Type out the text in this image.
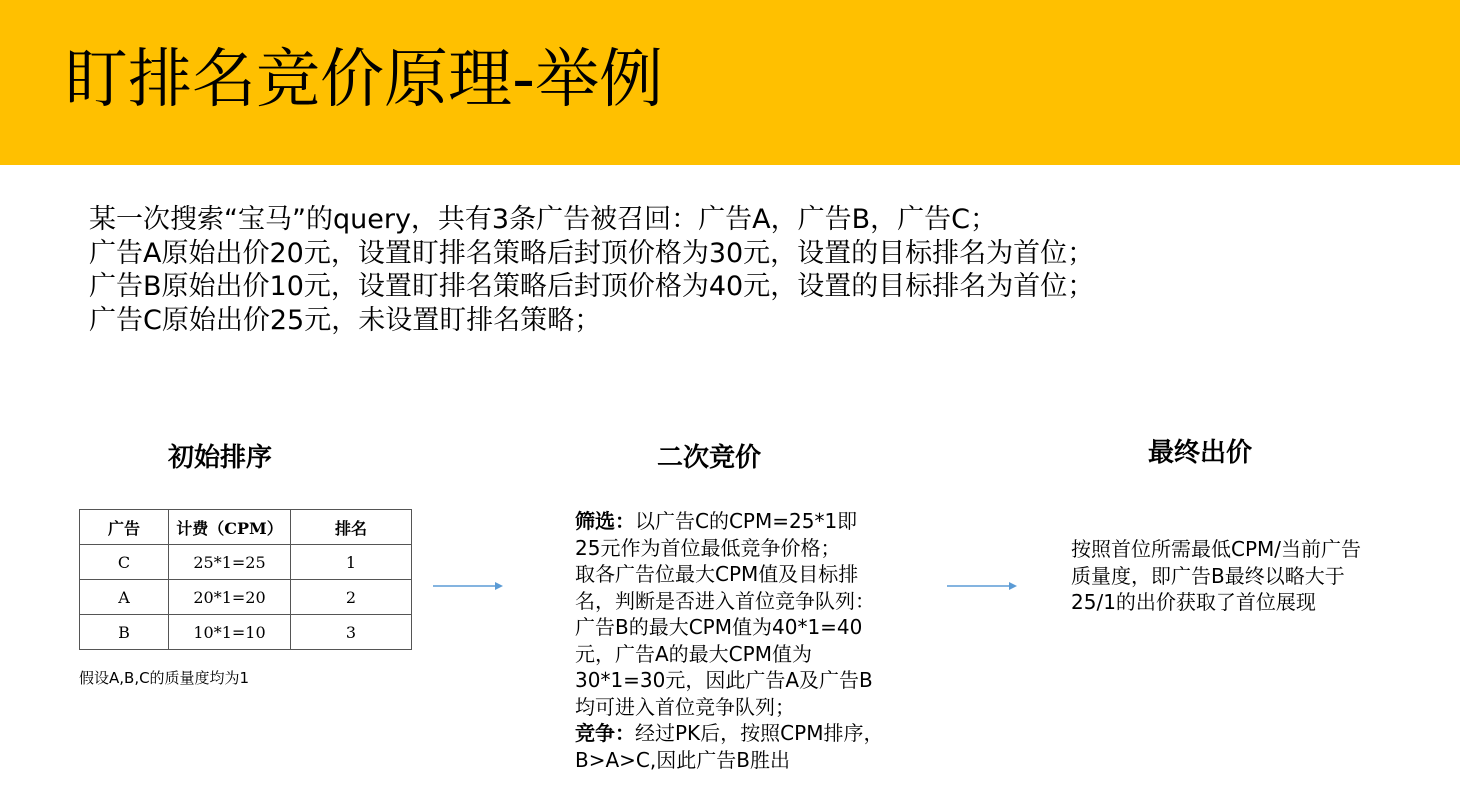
盯排名竞价原理-举例
某一次搜索“宝马”的query，共有3条广告被召回：广告A，广告B，广告C；
广告A原始出价20元，设置盯排名策略后封顶价格为30元，设置的目标排名为首位；
广告B原始出价10元，设置盯排名策略后封顶价格为40元，设置的目标排名为首位；
广告C原始出价25元，未设置盯排名策略；
初始排序
广告	计费（CPM）	排名
C	25*1=25	1
A	20*1=20	2
B	10*1=10	3
假设A,B,C的质量度均为1
二次竞价
筛选：以广告C的CPM=25*1即
25元作为首位最低竞争价格；
取各广告位最大CPM值及目标排
名，判断是否进入首位竞争队列：
广告B的最大CPM值为40*1=40
元，广告A的最大CPM值为
30*1=30元，因此广告A及广告B
均可进入首位竞争队列；
竞争：经过PK后，按照CPM排序，
B>A>C,因此广告B胜出
最终出价
按照首位所需最低CPM/当前广告
质量度，即广告B最终以略大于
25/1的出价获取了首位展现
